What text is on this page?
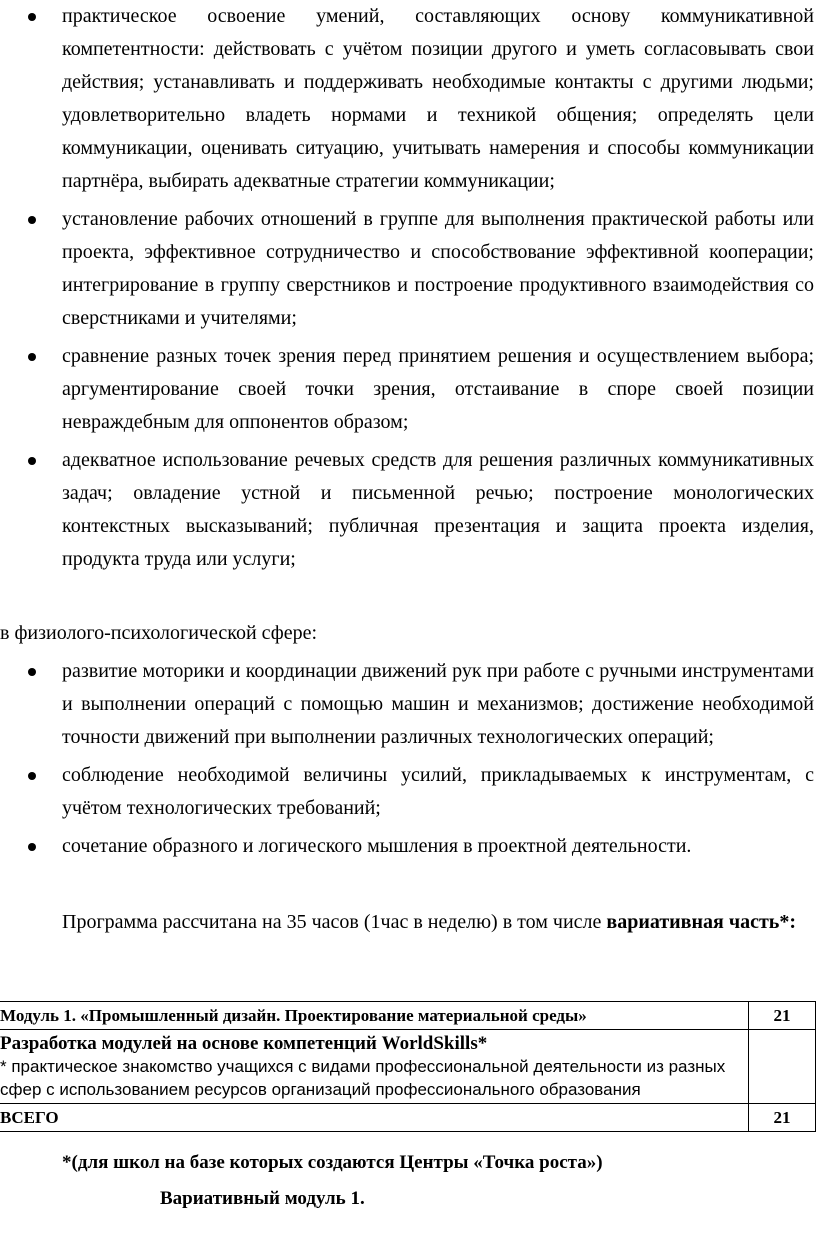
практическое освоение умений, составляющих основу коммуникативной компетентности: действовать с учётом позиции другого и уметь согласовывать свои действия; устанавливать и поддерживать необходимые контакты с другими людьми; удовлетворительно владеть нормами и техникой общения; определять цели коммуникации, оценивать ситуацию, учитывать намерения и способы коммуникации партнёра, выбирать адекватные стратегии коммуникации;
установление рабочих отношений в группе для выполнения практической работы или проекта, эффективное сотрудничество и способствование эффективной кооперации; интегрирование в группу сверстников и построение продуктивного взаимодействия со сверстниками и учителями;
сравнение разных точек зрения перед принятием решения и осуществлением выбора; аргументирование своей точки зрения, отстаивание в споре своей позиции невраждебным для оппонентов образом;
адекватное использование речевых средств для решения различных коммуникативных задач; овладение устной и письменной речью; построение монологических контекстных высказываний; публичная презентация и защита проекта изделия, продукта труда или услуги;
в физиолого-психологической сфере:
развитие моторики и координации движений рук при работе с ручными инструментами и выполнении операций с помощью машин и механизмов; достижение необходимой точности движений при выполнении различных технологических операций;
соблюдение необходимой величины усилий, прикладываемых к инструментам, с учётом технологических требований;
сочетание образного и логического мышления в проектной деятельности.
Программа рассчитана на 35 часов (1час в неделю) в том числе вариативная часть*:
Модуль 1. «Промышленный дизайн. Проектирование материальной среды»	21

Разработка модулей на основе компетенций WorldSkills*
* практическое знакомство учащихся с видами профессиональной деятельности из разных сфер с использованием ресурсов организаций профессионального образования	

ВСЕГО	21
*(для школ на базе которых создаются Центры «Точка роста»)
Вариативный модуль 1.
